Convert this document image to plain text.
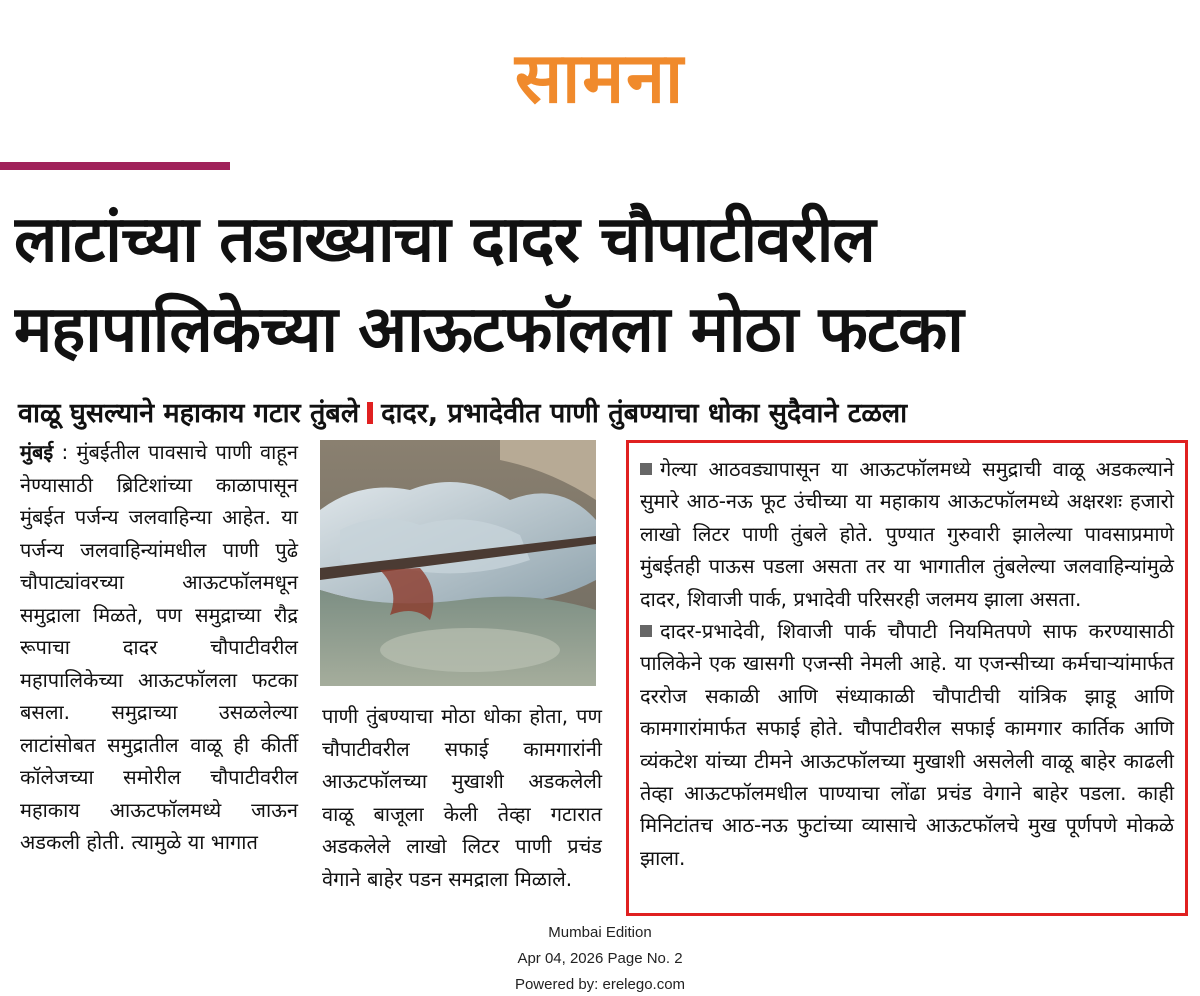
सामना
लाटांच्या तडाख्याचा दादर चौपाटीवरील
महापालिकेच्या आऊटफॉलला मोठा फटका
वाळू घुसल्याने महाकाय गटार तुंबले दादर, प्रभादेवीत पाणी तुंबण्याचा धोका सुदैवाने टळला

मुंबई : मुंबईतील पावसाचे पाणी वाहून नेण्यासाठी ब्रिटिशांच्या काळापासून मुंबईत पर्जन्य जलवाहिन्या आहेत. या पर्जन्य जलवाहिन्यांमधील पाणी पुढे चौपाट्यांवरच्या आऊटफॉलमधून समुद्राला मिळते, पण समुद्राच्या रौद्र रूपाचा दादर चौपाटीवरील महापालिकेच्या आऊटफॉलला फटका बसला. समुद्राच्या उसळलेल्या लाटांसोबत समुद्रातील वाळू ही कीर्ती कॉलेजच्या समोरील चौपाटीवरील महाकाय आऊटफॉलमध्ये जाऊन अडकली होती. त्यामुळे या भागात

पाणी तुंबण्याचा मोठा धोका होता, पण चौपाटीवरील सफाई कामगारांनी आऊटफॉलच्या मुखाशी अडकलेली वाळू बाजूला केली तेव्हा गटारात अडकलेले लाखो लिटर पाणी प्रचंड वेगाने बाहेर पडन समद्राला मिळाले.

गेल्या आठवड्यापासून या आऊटफॉलमध्ये समुद्राची वाळू अडकल्याने सुमारे आठ-नऊ फूट उंचीच्या या महाकाय आऊटफॉलमध्ये अक्षरशः हजारो लाखो लिटर पाणी तुंबले होते. पुण्यात गुरुवारी झालेल्या पावसाप्रमाणे मुंबईतही पाऊस पडला असता तर या भागातील तुंबलेल्या जलवाहिन्यांमुळे दादर, शिवाजी पार्क, प्रभादेवी परिसरही जलमय झाला असता.

दादर-प्रभादेवी, शिवाजी पार्क चौपाटी नियमितपणे साफ करण्यासाठी पालिकेने एक खासगी एजन्सी नेमली आहे. या एजन्सीच्या कर्मचाऱ्यांमार्फत दररोज सकाळी आणि संध्याकाळी चौपाटीची यांत्रिक झाडू आणि कामगारांमार्फत सफाई होते. चौपाटीवरील सफाई कामगार कार्तिक आणि व्यंकटेश यांच्या टीमने आऊटफॉलच्या मुखाशी असलेली वाळू बाहेर काढली तेव्हा आऊटफॉलमधील पाण्याचा लोंढा प्रचंड वेगाने बाहेर पडला. काही मिनिटांतच आठ-नऊ फुटांच्या व्यासाचे आऊटफॉलचे मुख पूर्णपणे मोकळे झाला.

Mumbai Edition
Apr 04, 2026 Page No. 2
Powered by: erelego.com
